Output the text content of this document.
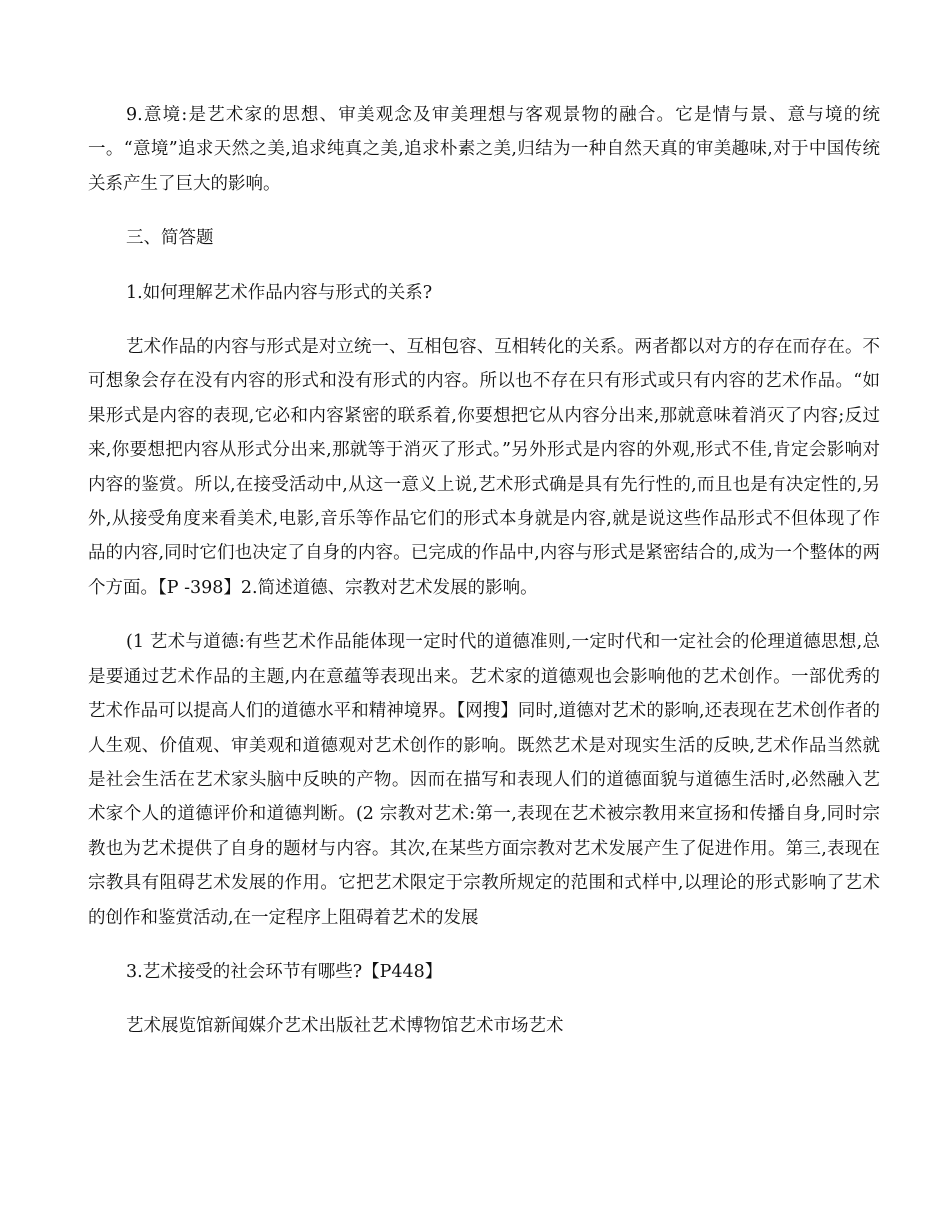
9.意境:是艺术家的思想、审美观念及审美理想与客观景物的融合。它是情与景、意与境的统一。“意境”追求天然之美,追求纯真之美,追求朴素之美,归结为一种自然天真的审美趣味,对于中国传统关系产生了巨大的影响。

三、简答题

1.如何理解艺术作品内容与形式的关系?

艺术作品的内容与形式是对立统一、互相包容、互相转化的关系。两者都以对方的存在而存在。不可想象会存在没有内容的形式和没有形式的内容。所以也不存在只有形式或只有内容的艺术作品。“如果形式是内容的表现,它必和内容紧密的联系着,你要想把它从内容分出来,那就意味着消灭了内容;反过来,你要想把内容从形式分出来,那就等于消灭了形式。”另外形式是内容的外观,形式不佳,肯定会影响对内容的鉴赏。所以,在接受活动中,从这一意义上说,艺术形式确是具有先行性的,而且也是有决定性的,另外,从接受角度来看美术,电影,音乐等作品它们的形式本身就是内容,就是说这些作品形式不但体现了作品的内容,同时它们也决定了自身的内容。已完成的作品中,内容与形式是紧密结合的,成为一个整体的两个方面。【P -398】2.简述道德、宗教对艺术发展的影响。

(1 艺术与道德:有些艺术作品能体现一定时代的道德准则,一定时代和一定社会的伦理道德思想,总是要通过艺术作品的主题,内在意蕴等表现出来。艺术家的道德观也会影响他的艺术创作。一部优秀的艺术作品可以提高人们的道德水平和精神境界。【网搜】同时,道德对艺术的影响,还表现在艺术创作者的人生观、价值观、审美观和道德观对艺术创作的影响。既然艺术是对现实生活的反映,艺术作品当然就是社会生活在艺术家头脑中反映的产物。因而在描写和表现人们的道德面貌与道德生活时,必然融入艺术家个人的道德评价和道德判断。(2 宗教对艺术:第一,表现在艺术被宗教用来宣扬和传播自身,同时宗教也为艺术提供了自身的题材与内容。其次,在某些方面宗教对艺术发展产生了促进作用。第三,表现在宗教具有阻碍艺术发展的作用。它把艺术限定于宗教所规定的范围和式样中,以理论的形式影响了艺术的创作和鉴赏活动,在一定程序上阻碍着艺术的发展

3.艺术接受的社会环节有哪些?【P448】

艺术展览馆新闻媒介艺术出版社艺术博物馆艺术市场艺术
